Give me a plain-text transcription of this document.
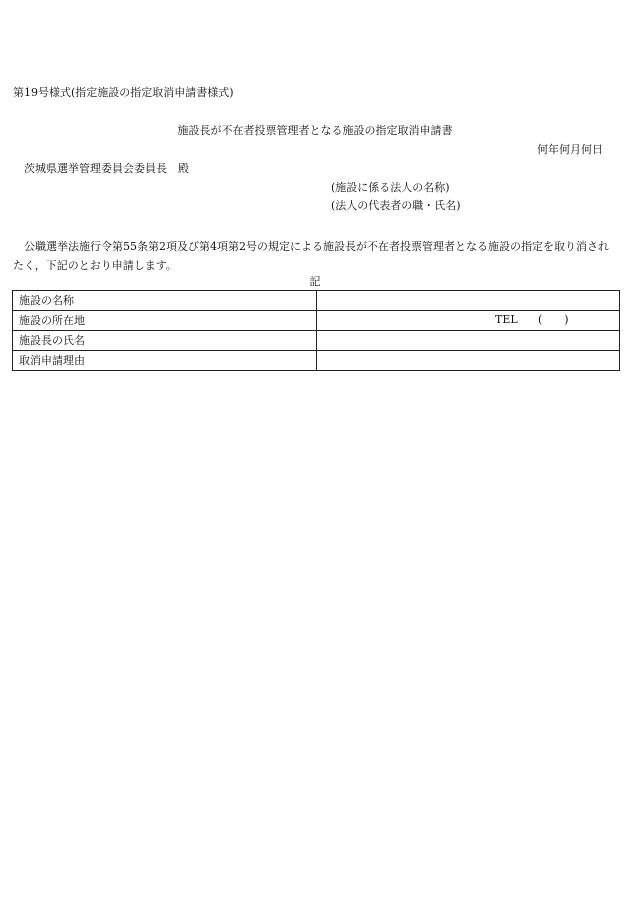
第19号様式(指定施設の指定取消申請書様式)
施設長が不在者投票管理者となる施設の指定取消申請書
何年何月何日
茨城県選挙管理委員会委員長　殿
(施設に係る法人の名称)
(法人の代表者の職・氏名)
公職選挙法施行令第55条第2項及び第4項第2号の規定による施設長が不在者投票管理者となる施設の指定を取り消されたく，下記のとおり申請します。
記
施設の名称	
施設の所在地	TEL (　　)

施設長の氏名	
取消申請理由	
